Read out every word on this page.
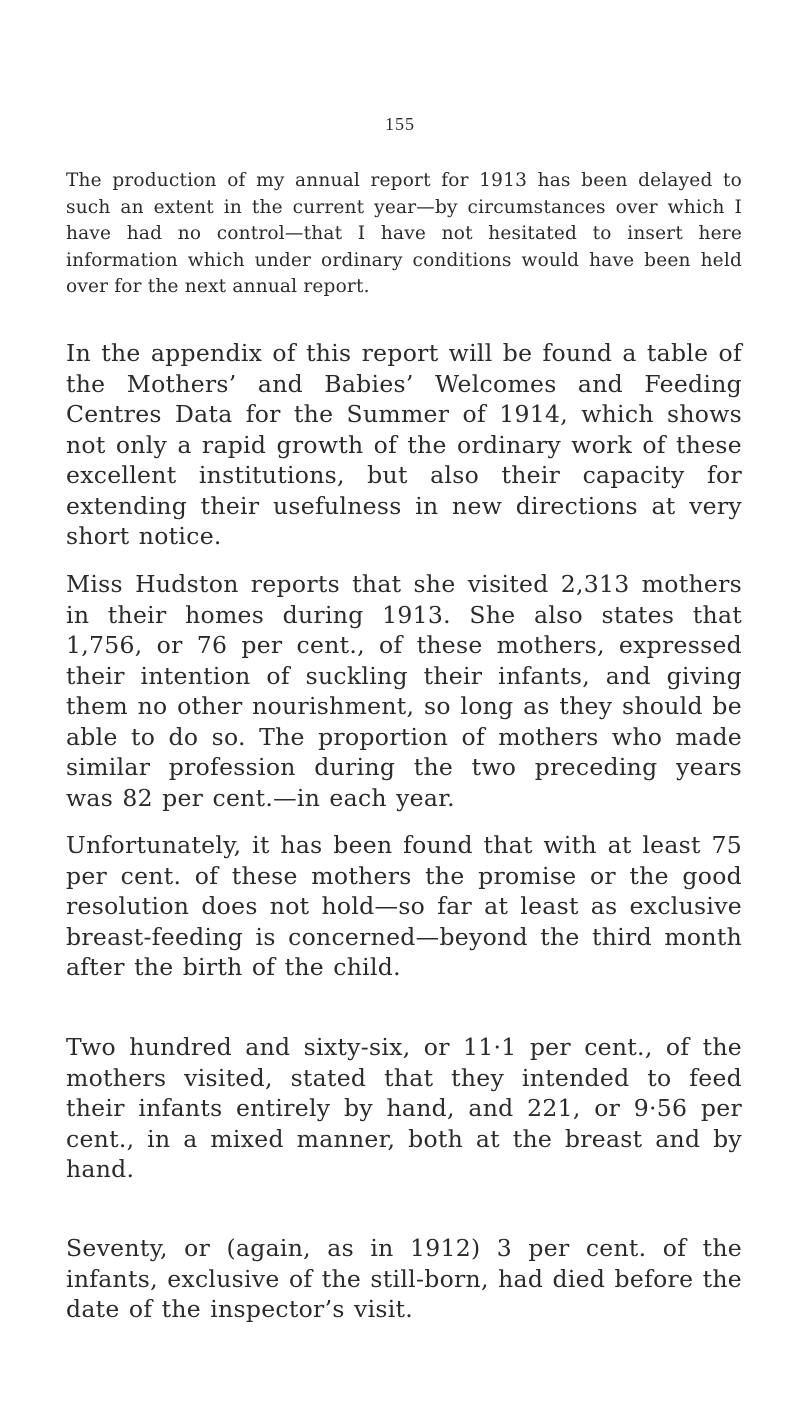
155

The production of my annual report for 1913 has been delayed to such an extent in the current year—by circumstances over which I have had no control—that I have not hesitated to insert here information which under ordinary conditions would have been held over for the next annual report.

In the appendix of this report will be found a table of the Mothers’ and Babies’ Welcomes and Feeding Centres Data for the Summer of 1914, which shows not only a rapid growth of the ordinary work of these excellent institutions, but also their capacity for extending their usefulness in new directions at very short notice.

Miss Hudston reports that she visited 2,313 mothers in their homes during 1913. She also states that 1,756, or 76 per cent., of these mothers, expressed their intention of suckling their infants, and giving them no other nourishment, so long as they should be able to do so. The proportion of mothers who made similar profession during the two preceding years was 82 per cent.—in each year.

Unfortunately, it has been found that with at least 75 per cent. of these mothers the promise or the good resolution does not hold—so far at least as exclusive breast-feeding is concerned—beyond the third month after the birth of the child.

Two hundred and sixty-six, or 11·1 per cent., of the mothers visited, stated that they intended to feed their infants entirely by hand, and 221, or 9·56 per cent., in a mixed manner, both at the breast and by hand.

Seventy, or (again, as in 1912) 3 per cent. of the infants, exclusive of the still-born, had died before the date of the inspector’s visit.
